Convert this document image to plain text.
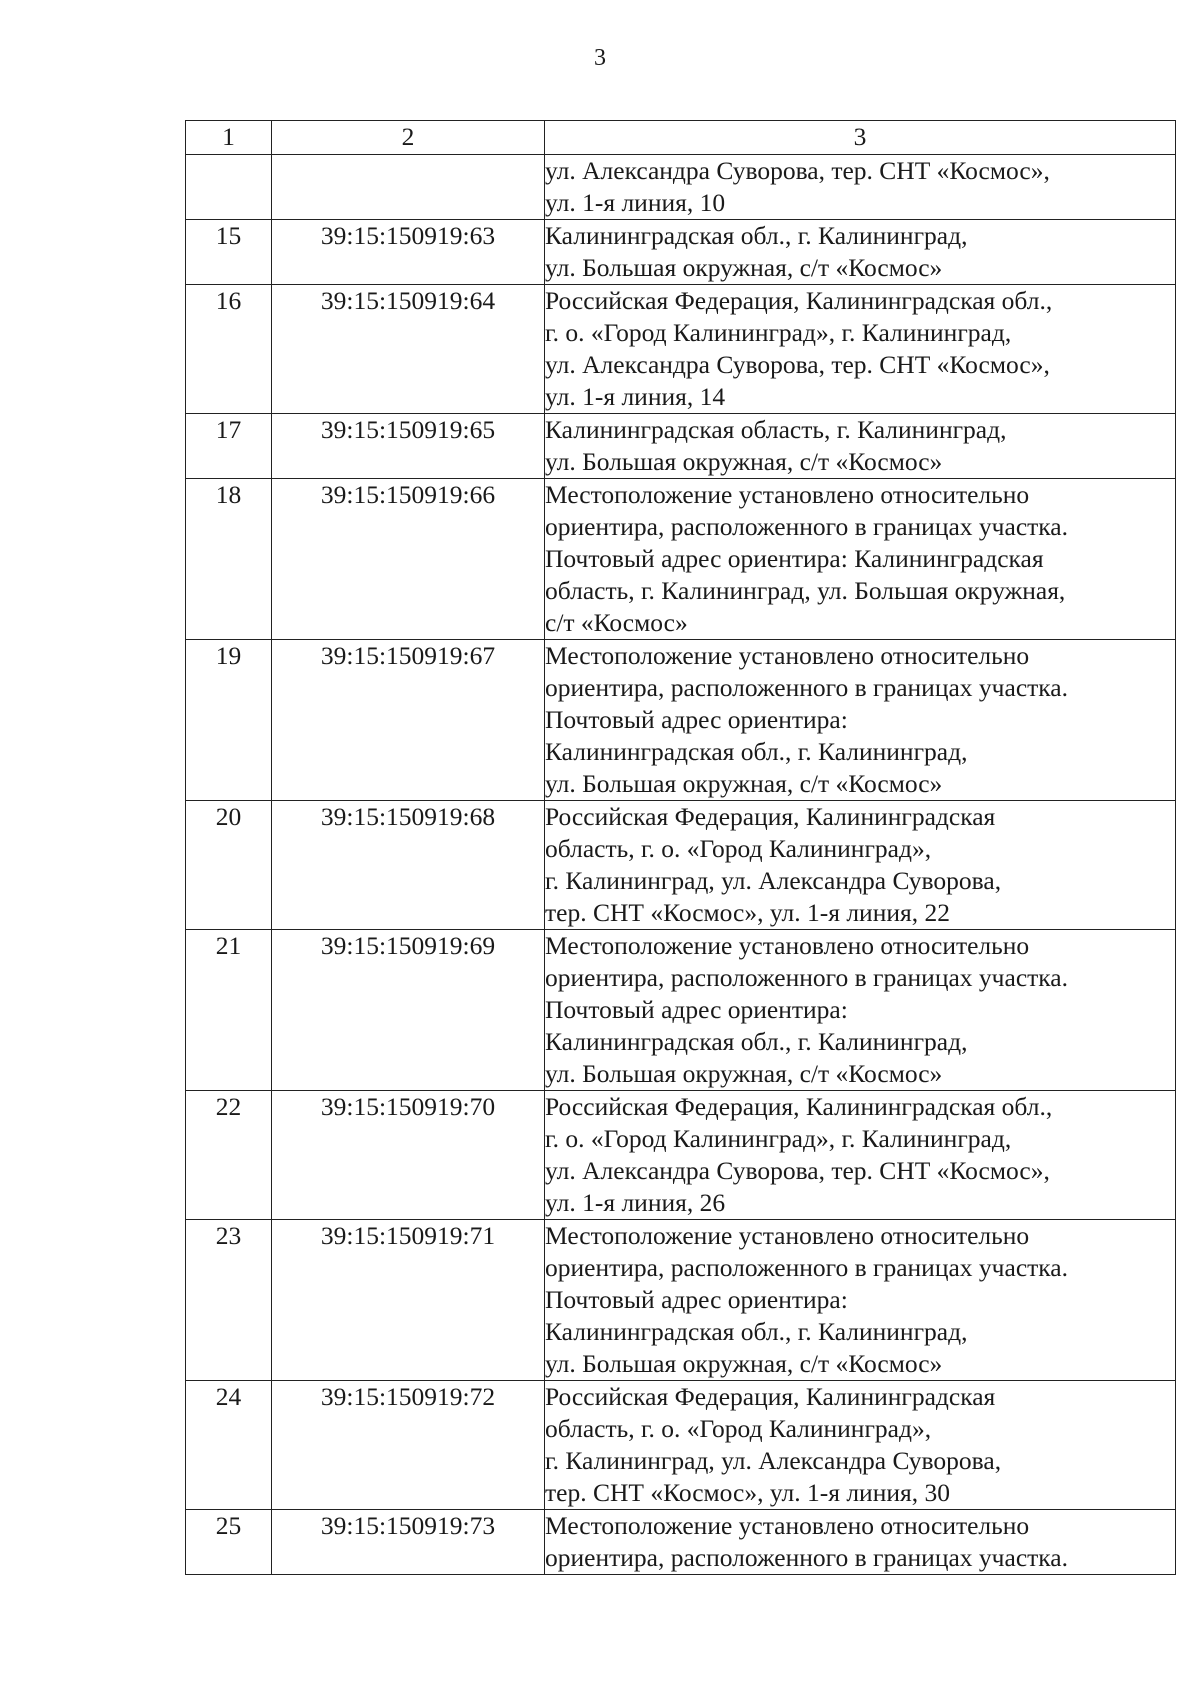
3
1	2	3

		ул. Александра Суворова, тер. СНТ «Космос»,
ул. 1-я линия, 10

15	39:15:150919:63	Калининградская обл., г. Калининград,
ул. Большая окружная, с/т «Космос»

16	39:15:150919:64	Российская Федерация, Калининградская обл.,
г. о. «Город Калининград», г. Калининград,
ул. Александра Суворова, тер. СНТ «Космос»,
ул. 1-я линия, 14

17	39:15:150919:65	Калининградская область, г. Калининград,
ул. Большая окружная, с/т «Космос»

18	39:15:150919:66	Местоположение установлено относительно
ориентира, расположенного в границах участка.
Почтовый адрес ориентира: Калининградская
область, г. Калининград, ул. Большая окружная,
с/т «Космос»

19	39:15:150919:67	Местоположение установлено относительно
ориентира, расположенного в границах участка.
Почтовый адрес ориентира:
Калининградская обл., г. Калининград,
ул. Большая окружная, с/т «Космос»

20	39:15:150919:68	Российская Федерация, Калининградская
область, г. о. «Город Калининград»,
г. Калининград, ул. Александра Суворова,
тер. СНТ «Космос», ул. 1-я линия, 22

21	39:15:150919:69	Местоположение установлено относительно
ориентира, расположенного в границах участка.
Почтовый адрес ориентира:
Калининградская обл., г. Калининград,
ул. Большая окружная, с/т «Космос»

22	39:15:150919:70	Российская Федерация, Калининградская обл.,
г. о. «Город Калининград», г. Калининград,
ул. Александра Суворова, тер. СНТ «Космос»,
ул. 1-я линия, 26

23	39:15:150919:71	Местоположение установлено относительно
ориентира, расположенного в границах участка.
Почтовый адрес ориентира:
Калининградская обл., г. Калининград,
ул. Большая окружная, с/т «Космос»

24	39:15:150919:72	Российская Федерация, Калининградская
область, г. о. «Город Калининград»,
г. Калининград, ул. Александра Суворова,
тер. СНТ «Космос», ул. 1-я линия, 30

25	39:15:150919:73	Местоположение установлено относительно
ориентира, расположенного в границах участка.
